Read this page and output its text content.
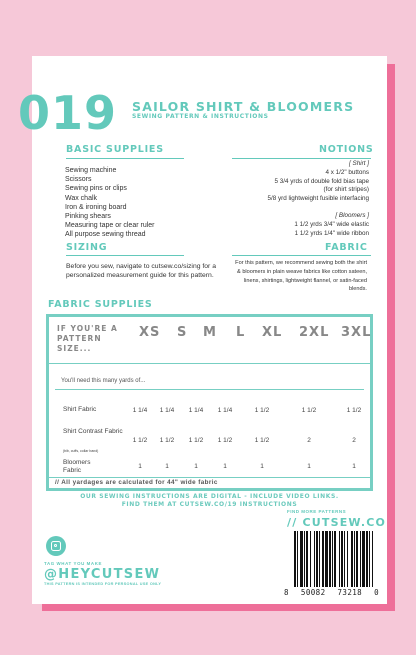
019 SAILOR SHIRT & BLOOMERS
SEWING PATTERN & INSTRUCTIONS
BASIC SUPPLIES
Sewing machine
Scissors
Sewing pins or clips
Wax chalk
Iron & ironing board
Pinking shears
Measuring tape or clear ruler
All purpose sewing thread
NOTIONS
[ Shirt ]
4 x 1/2" buttons
5 3/4 yrds of double fold bias tape
(for shirt stripes)
5/8 yrd lightweight fusible interfacing
[ Bloomers ]
1 1/2 yrds 3/4" wide elastic
1 1/2 yrds 1/4" wide ribbon
SIZING
Before you sew, navigate to cutsew.co/sizing for a personalized measurement guide for this pattern.
FABRIC
For this pattern, we recommend sewing both the shirt & bloomers in plain weave fabrics like cotton sateen, linens, shirtings, lightweight flannel, or satin-faced blends.
FABRIC SUPPLIES
IF YOU'RE A PATTERN SIZE...
XS S M L XL 2XL 3XL
You'll need this many yards of...
Shirt Fabric	1 1/4	1 1/4	1 1/4	1 1/4	1 1/2	1 1/2	1 1/2
Shirt Contrast Fabric
(bib, cuffs, collar band)
1 1/2	1 1/2	1 1/2	1 1/2	1 1/2	2	2
Bloomers Fabric
1	1	1	1	1	1	1
// All yardages are calculated for 44" wide fabric
OUR SEWING INSTRUCTIONS ARE DIGITAL - INCLUDE VIDEO LINKS.
FIND THEM AT CUTSEW.CO/19 INSTRUCTIONS
TAG WHAT YOU MAKE
@HEYCUTSEW
THIS PATTERN IS INTENDED FOR PERSONAL USE ONLY
FIND MORE PATTERNS
// CUTSEW.CO
8 50082 73218 0
